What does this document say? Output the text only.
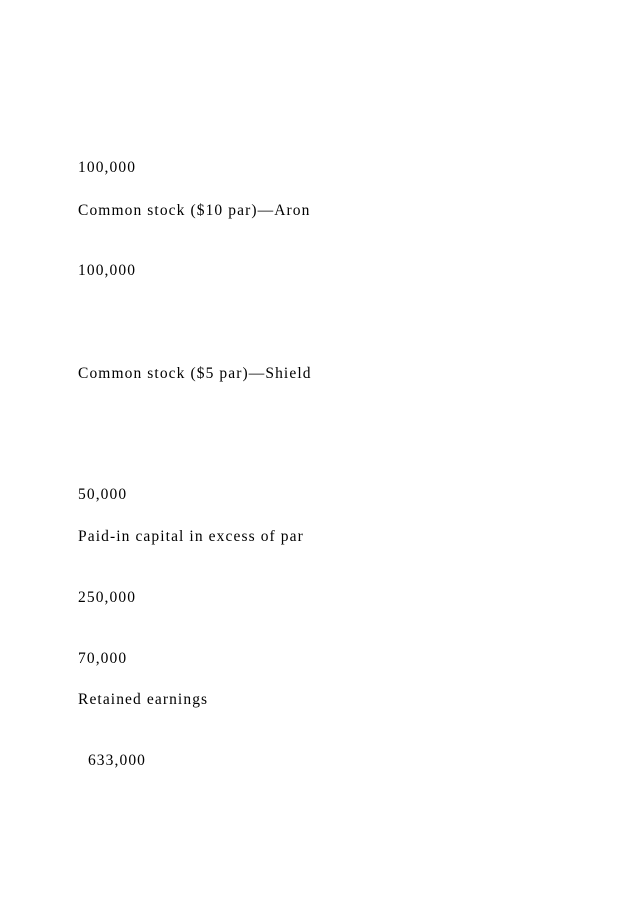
100,000
Common stock ($10 par)—Aron
100,000
Common stock ($5 par)—Shield
50,000
Paid-in capital in excess of par
250,000
70,000
Retained earnings
633,000
